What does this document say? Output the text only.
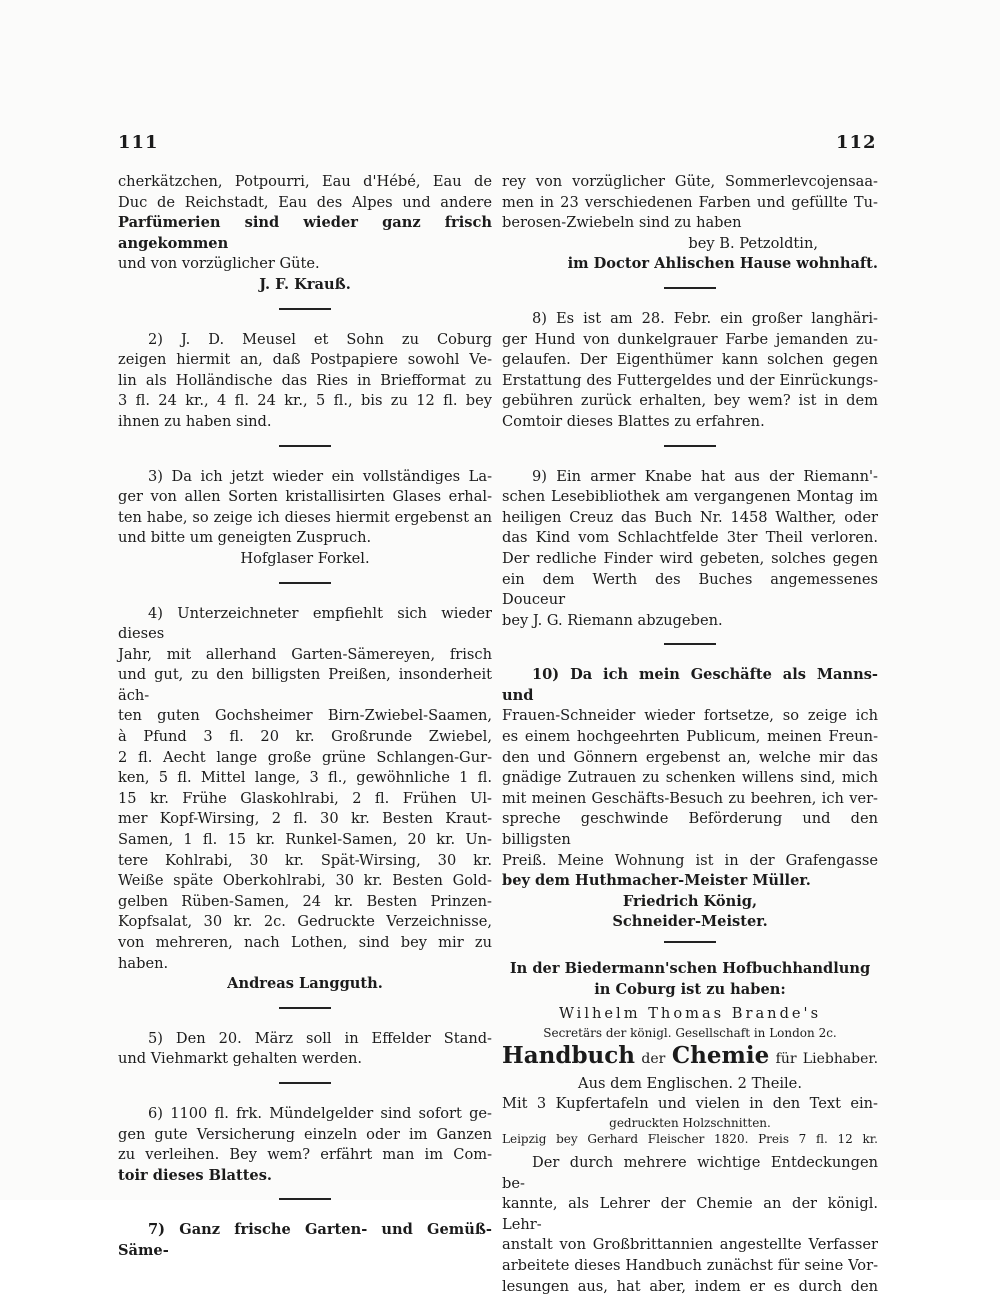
111	112

cherkätzchen, Potpourri, Eau d'Hébé, Eau de

Duc de Reichstadt, Eau des Alpes und andere

Parfümerien sind wieder ganz frisch angekommen

und von vorzüglicher Güte.

J. F. Krauß.

2) J. D. Meusel et Sohn zu Coburg

zeigen hiermit an, daß Postpapiere sowohl Ve-

lin als Holländische das Ries in Briefformat zu

3 fl. 24 kr., 4 fl. 24 kr., 5 fl., bis zu 12 fl. bey

ihnen zu haben sind.

3) Da ich jetzt wieder ein vollständiges La-

ger von allen Sorten kristallisirten Glases erhal-

ten habe, so zeige ich dieses hiermit ergebenst an

und bitte um geneigten Zuspruch.

Hofglaser Forkel.

4) Unterzeichneter empfiehlt sich wieder dieses

Jahr, mit allerhand Garten-Sämereyen, frisch

und gut, zu den billigsten Preißen, insonderheit äch-

ten guten Gochsheimer Birn-Zwiebel-Saamen,

à Pfund 3 fl. 20 kr. Großrunde Zwiebel,

2 fl. Aecht lange große grüne Schlangen-Gur-

ken, 5 fl. Mittel lange, 3 fl., gewöhnliche 1 fl.

15 kr. Frühe Glaskohlrabi, 2 fl. Frühen Ul-

mer Kopf-Wirsing, 2 fl. 30 kr. Besten Kraut-

Samen, 1 fl. 15 kr. Runkel-Samen, 20 kr. Un-

tere Kohlrabi, 30 kr. Spät-Wirsing, 30 kr.

Weiße späte Oberkohlrabi, 30 kr. Besten Gold-

gelben Rüben-Samen, 24 kr. Besten Prinzen-

Kopfsalat, 30 kr. 2c. Gedruckte Verzeichnisse,

von mehreren, nach Lothen, sind bey mir zu haben.

Andreas Langguth.

5) Den 20. März soll in Effelder Stand-

und Viehmarkt gehalten werden.

6) 1100 fl. frk. Mündelgelder sind sofort ge-

gen gute Versicherung einzeln oder im Ganzen

zu verleihen. Bey wem? erfährt man im Com-

toir dieses Blattes.

7) Ganz frische Garten- und Gemüß-Säme-

rey von vorzüglicher Güte, Sommerlevcojensaa-

men in 23 verschiedenen Farben und gefüllte Tu-

berosen-Zwiebeln sind zu haben

bey B. Petzoldtin,

im Doctor Ahlischen Hause wohnhaft.

8) Es ist am 28. Febr. ein großer langhäri-

ger Hund von dunkelgrauer Farbe jemanden zu-

gelaufen. Der Eigenthümer kann solchen gegen

Erstattung des Futtergeldes und der Einrückungs-

gebühren zurück erhalten, bey wem? ist in dem

Comtoir dieses Blattes zu erfahren.

9) Ein armer Knabe hat aus der Riemann'-

schen Lesebibliothek am vergangenen Montag im

heiligen Creuz das Buch Nr. 1458 Walther, oder

das Kind vom Schlachtfelde 3ter Theil verloren.

Der redliche Finder wird gebeten, solches gegen

ein dem Werth des Buches angemessenes Douceur

bey J. G. Riemann abzugeben.

10) Da ich mein Geschäfte als Manns- und

Frauen-Schneider wieder fortsetze, so zeige ich

es einem hochgeehrten Publicum, meinen Freun-

den und Gönnern ergebenst an, welche mir das

gnädige Zutrauen zu schenken willens sind, mich

mit meinen Geschäfts-Besuch zu beehren, ich ver-

spreche geschwinde Beförderung und den billigsten

Preiß. Meine Wohnung ist in der Grafengasse

bey dem Huthmacher-Meister Müller.

Friedrich König,

Schneider-Meister.

In der Biedermann'schen Hofbuchhandlung

in Coburg ist zu haben:

Wilhelm Thomas Brande's

Secretärs der königl. Gesellschaft in London 2c.

Handbuch der Chemie für Liebhaber.

Aus dem Englischen. 2 Theile.

Mit 3 Kupfertafeln und vielen in den Text ein-

gedruckten Holzschnitten.

Leipzig bey Gerhard Fleischer 1820. Preis 7 fl. 12 kr.

Der durch mehrere wichtige Entdeckungen be-

kannte, als Lehrer der Chemie an der königl. Lehr-

anstalt von Großbrittannien angestellte Verfasser

arbeitete dieses Handbuch zunächst für seine Vor-

lesungen aus, hat aber, indem er es durch den
